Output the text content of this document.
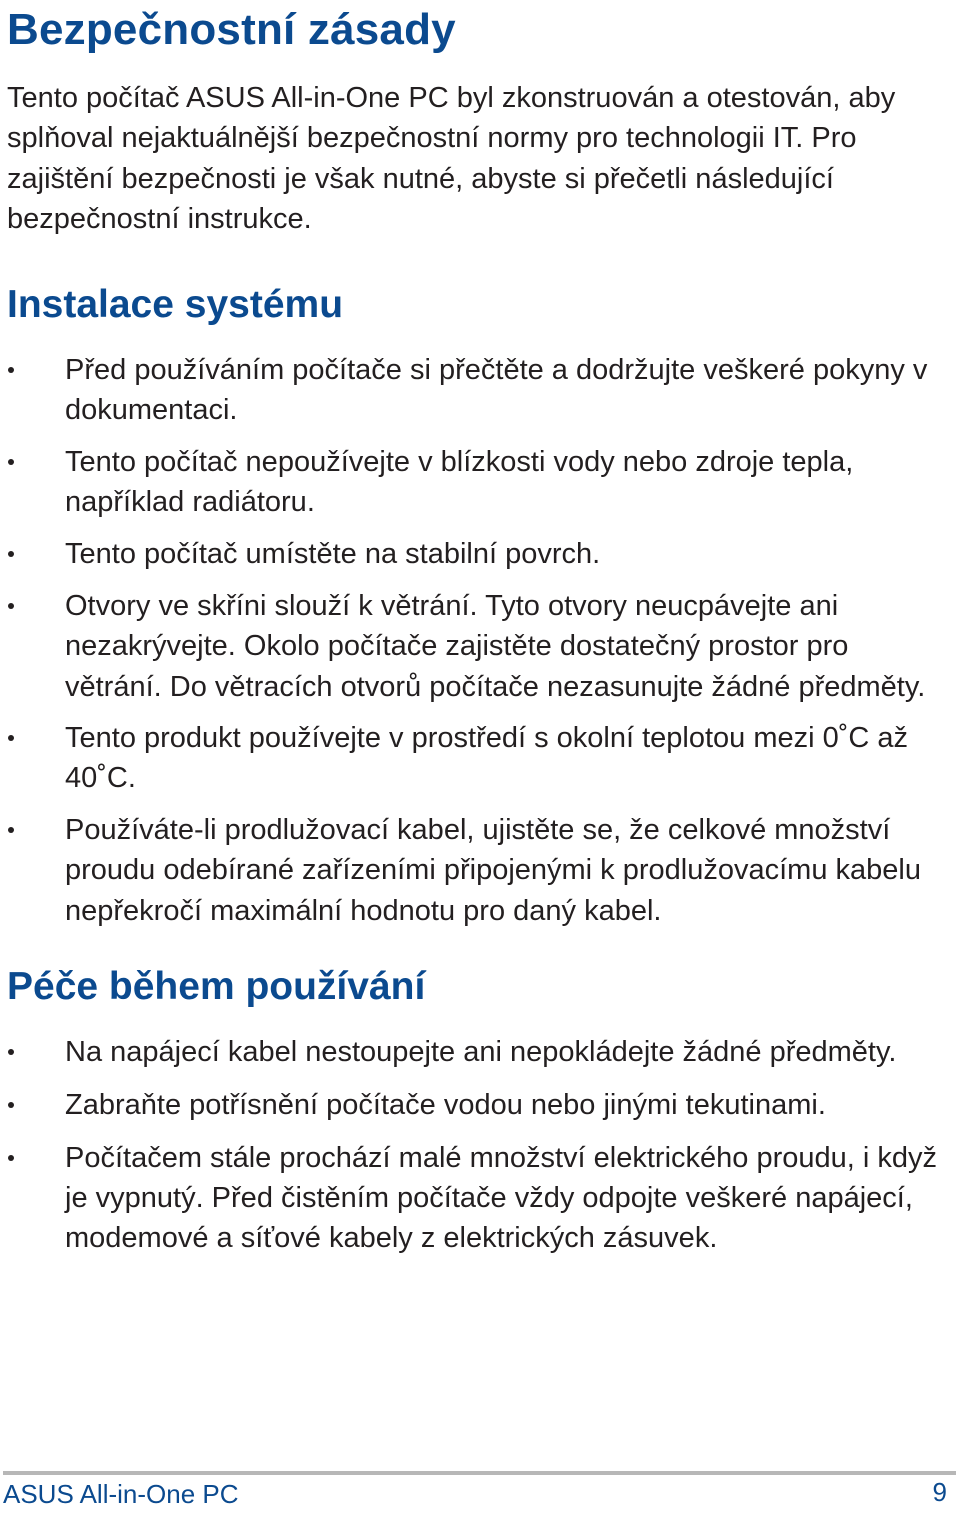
Bezpečnostní zásady

Tento počítač ASUS All-in-One PC byl zkonstruován a otestován, aby splňoval nejaktuálnější bezpečnostní normy pro technologii IT. Pro zajištění bezpečnosti je však nutné, abyste si přečetli následující bezpečnostní instrukce.

Instalace systému
Před používáním počítače si přečtěte a dodržujte veškeré pokyny v dokumentaci.
Tento počítač nepoužívejte v blízkosti vody nebo zdroje tepla, například radiátoru.
Tento počítač umístěte na stabilní povrch.
Otvory ve skříni slouží k větrání. Tyto otvory neucpávejte ani nezakrývejte. Okolo počítače zajistěte dostatečný prostor pro větrání. Do větracích otvorů počítače nezasunujte žádné předměty.
Tento produkt používejte v prostředí s okolní teplotou mezi 0˚C až 40˚C.
Používáte-li prodlužovací kabel, ujistěte se, že celkové množství proudu odebírané zařízeními připojenými k prodlužovacímu kabelu nepřekročí maximální hodnotu pro daný kabel.
Péče během používání
Na napájecí kabel nestoupejte ani nepokládejte žádné předměty.
Zabraňte potřísnění počítače vodou nebo jinými tekutinami.
Počítačem stále prochází malé množství elektrického proudu, i když je vypnutý. Před čistěním počítače vždy odpojte veškeré napájecí, modemové a síťové kabely z elektrických zásuvek.
ASUS All-in-One PC	9
